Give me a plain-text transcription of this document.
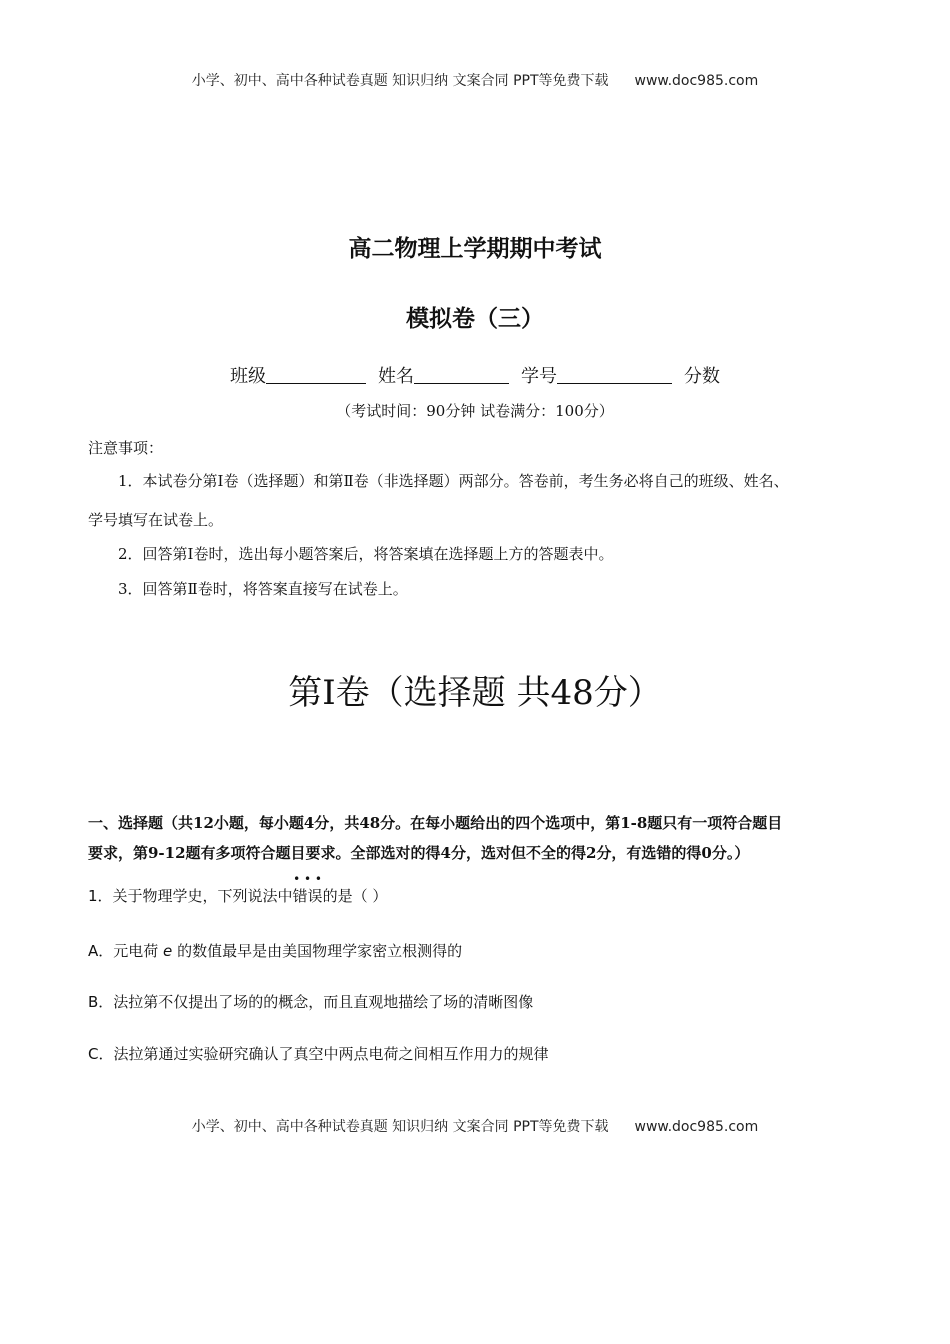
小学、初中、高中各种试卷真题 知识归纳 文案合同 PPT等免费下载 www.doc985.com
高二物理上学期期中考试
模拟卷（三）
班级	姓名	学号	分数
（考试时间：90分钟 试卷满分：100分）
注意事项：
1．本试卷分第Ⅰ卷（选择题）和第Ⅱ卷（非选择题）两部分。答卷前，考生务必将自己的班级、姓名、
学号填写在试卷上。
2．回答第Ⅰ卷时，选出每小题答案后，将答案填在选择题上方的答题表中。
3．回答第Ⅱ卷时，将答案直接写在试卷上。
第Ⅰ卷（选择题 共48分）
一、选择题（共12小题，每小题4分，共48分。在每小题给出的四个选项中，第1-8题只有一项符合题目
要求，第9-12题有多项符合题目要求。全部选对的得4分，选对但不全的得2分，有选错的得0分。）
1．关于物理学史，下列说法中
• • •
错误的是（ ）
A．元电荷 e 的数值最早是由美国物理学家密立根测得的
B．法拉第不仅提出了场的的概念，而且直观地描绘了场的清晰图像
C．法拉第通过实验研究确认了真空中两点电荷之间相互作用力的规律
小学、初中、高中各种试卷真题 知识归纳 文案合同 PPT等免费下载 www.doc985.com
